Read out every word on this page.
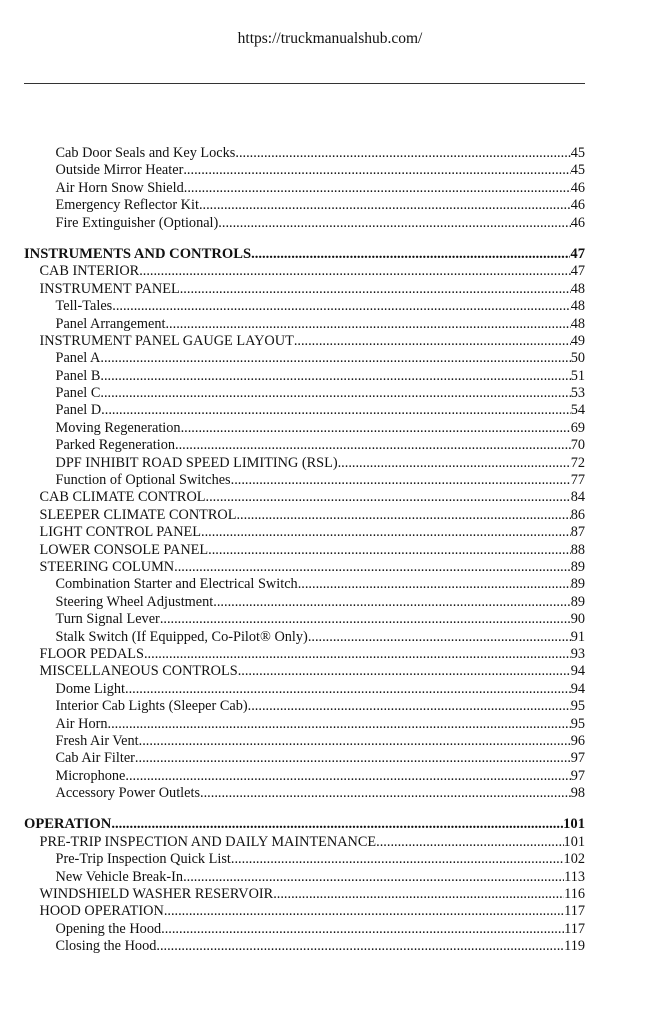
https://truckmanualshub.com/
Cab Door Seals and Key Locks .....	45
Outside Mirror Heater .....	45
Air Horn Snow Shield .....	46
Emergency Reflector Kit .....	46
Fire Extinguisher (Optional) .....	46
INSTRUMENTS AND CONTROLS .....	47
CAB INTERIOR .....	47
INSTRUMENT PANEL .....	48
Tell-Tales .....	48
Panel Arrangement .....	48
INSTRUMENT PANEL GAUGE LAYOUT .....	49
Panel A .....	50
Panel B .....	51
Panel C .....	53
Panel D .....	54
Moving Regeneration .....	69
Parked Regeneration .....	70
DPF INHIBIT ROAD SPEED LIMITING (RSL) .....	72
Function of Optional Switches .....	77
CAB CLIMATE CONTROL .....	84
SLEEPER CLIMATE CONTROL .....	86
LIGHT CONTROL PANEL .....	87
LOWER CONSOLE PANEL .....	88
STEERING COLUMN .....	89
Combination Starter and Electrical Switch .....	89
Steering Wheel Adjustment .....	89
Turn Signal Lever .....	90
Stalk Switch (If Equipped, Co-Pilot® Only) .....	91
FLOOR PEDALS .....	93
MISCELLANEOUS CONTROLS .....	94
Dome Light .....	94
Interior Cab Lights (Sleeper Cab) .....	95
Air Horn .....	95
Fresh Air Vent .....	96
Cab Air Filter .....	97
Microphone .....	97
Accessory Power Outlets .....	98
OPERATION .....	101
PRE-TRIP INSPECTION AND DAILY MAINTENANCE .....	101
Pre-Trip Inspection Quick List .....	102
New Vehicle Break-In .....	113
WINDSHIELD WASHER RESERVOIR .....	116
HOOD OPERATION .....	117
Opening the Hood .....	117
Closing the Hood .....	119
